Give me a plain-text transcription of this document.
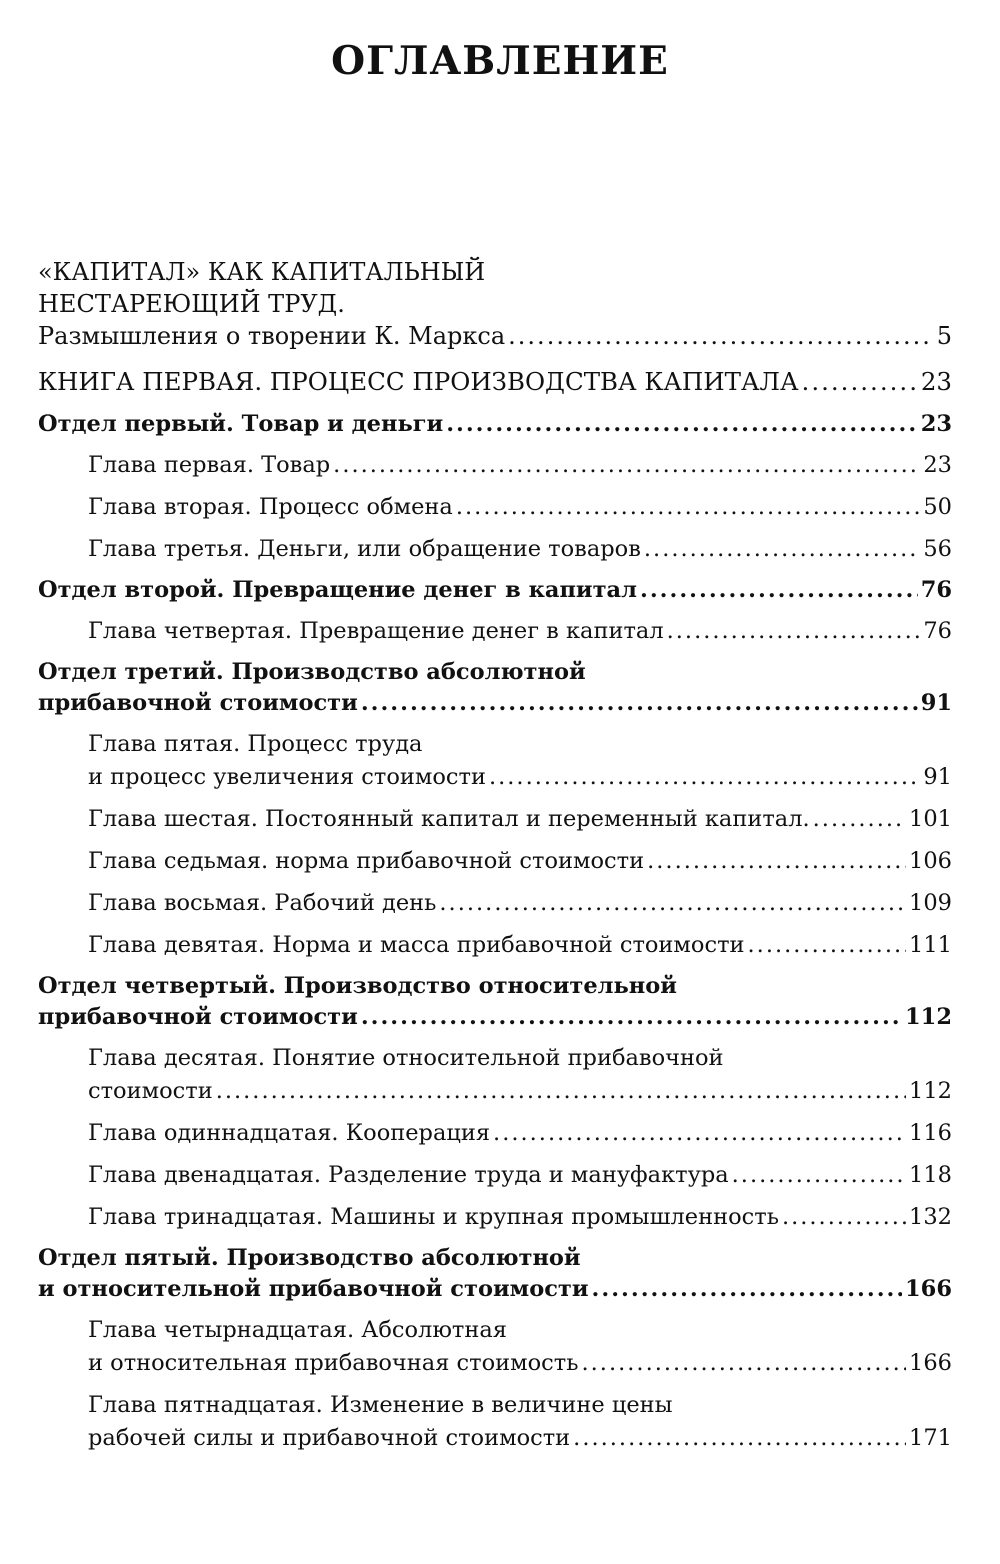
ОГЛАВЛЕНИЕ
«КАПИТАЛ» КАК КАПИТАЛЬНЫЙ
НЕСТАРЕЮЩИЙ ТРУД.
Размышления о творении К. Маркса .....	5
КНИГА ПЕРВАЯ. ПРОЦЕСС ПРОИЗВОДСТВА КАПИТАЛА .....	23
Отдел первый. Товар и деньги .....	23
Глава первая. Товар .....	23
Глава вторая. Процесс обмена .....	50
Глава третья. Деньги, или обращение товаров .....	56
Отдел второй. Превращение денег в капитал .....	76
Глава четвертая. Превращение денег в капитал .....	76
Отдел третий. Производство абсолютной
прибавочной стоимости .....	91
Глава пятая. Процесс труда
и процесс увеличения стоимости .....	91
Глава шестая. Постоянный капитал и переменный капитал. .....	101
Глава седьмая. норма прибавочной стоимости .....	106
Глава восьмая. Рабочий день .....	109
Глава девятая. Норма и масса прибавочной стоимости .....	111
Отдел четвертый. Производство относительной
прибавочной стоимости .....	112
Глава десятая. Понятие относительной прибавочной
стоимости .....	112
Глава одиннадцатая. Кооперация .....	116
Глава двенадцатая. Разделение труда и мануфактура .....	118
Глава тринадцатая. Машины и крупная промышленность .....	132
Отдел пятый. Производство абсолютной
и относительной прибавочной стоимости .....	166
Глава четырнадцатая. Абсолютная
и относительная прибавочная стоимость .....	166
Глава пятнадцатая. Изменение в величине цены
рабочей силы и прибавочной стоимости .....	171
